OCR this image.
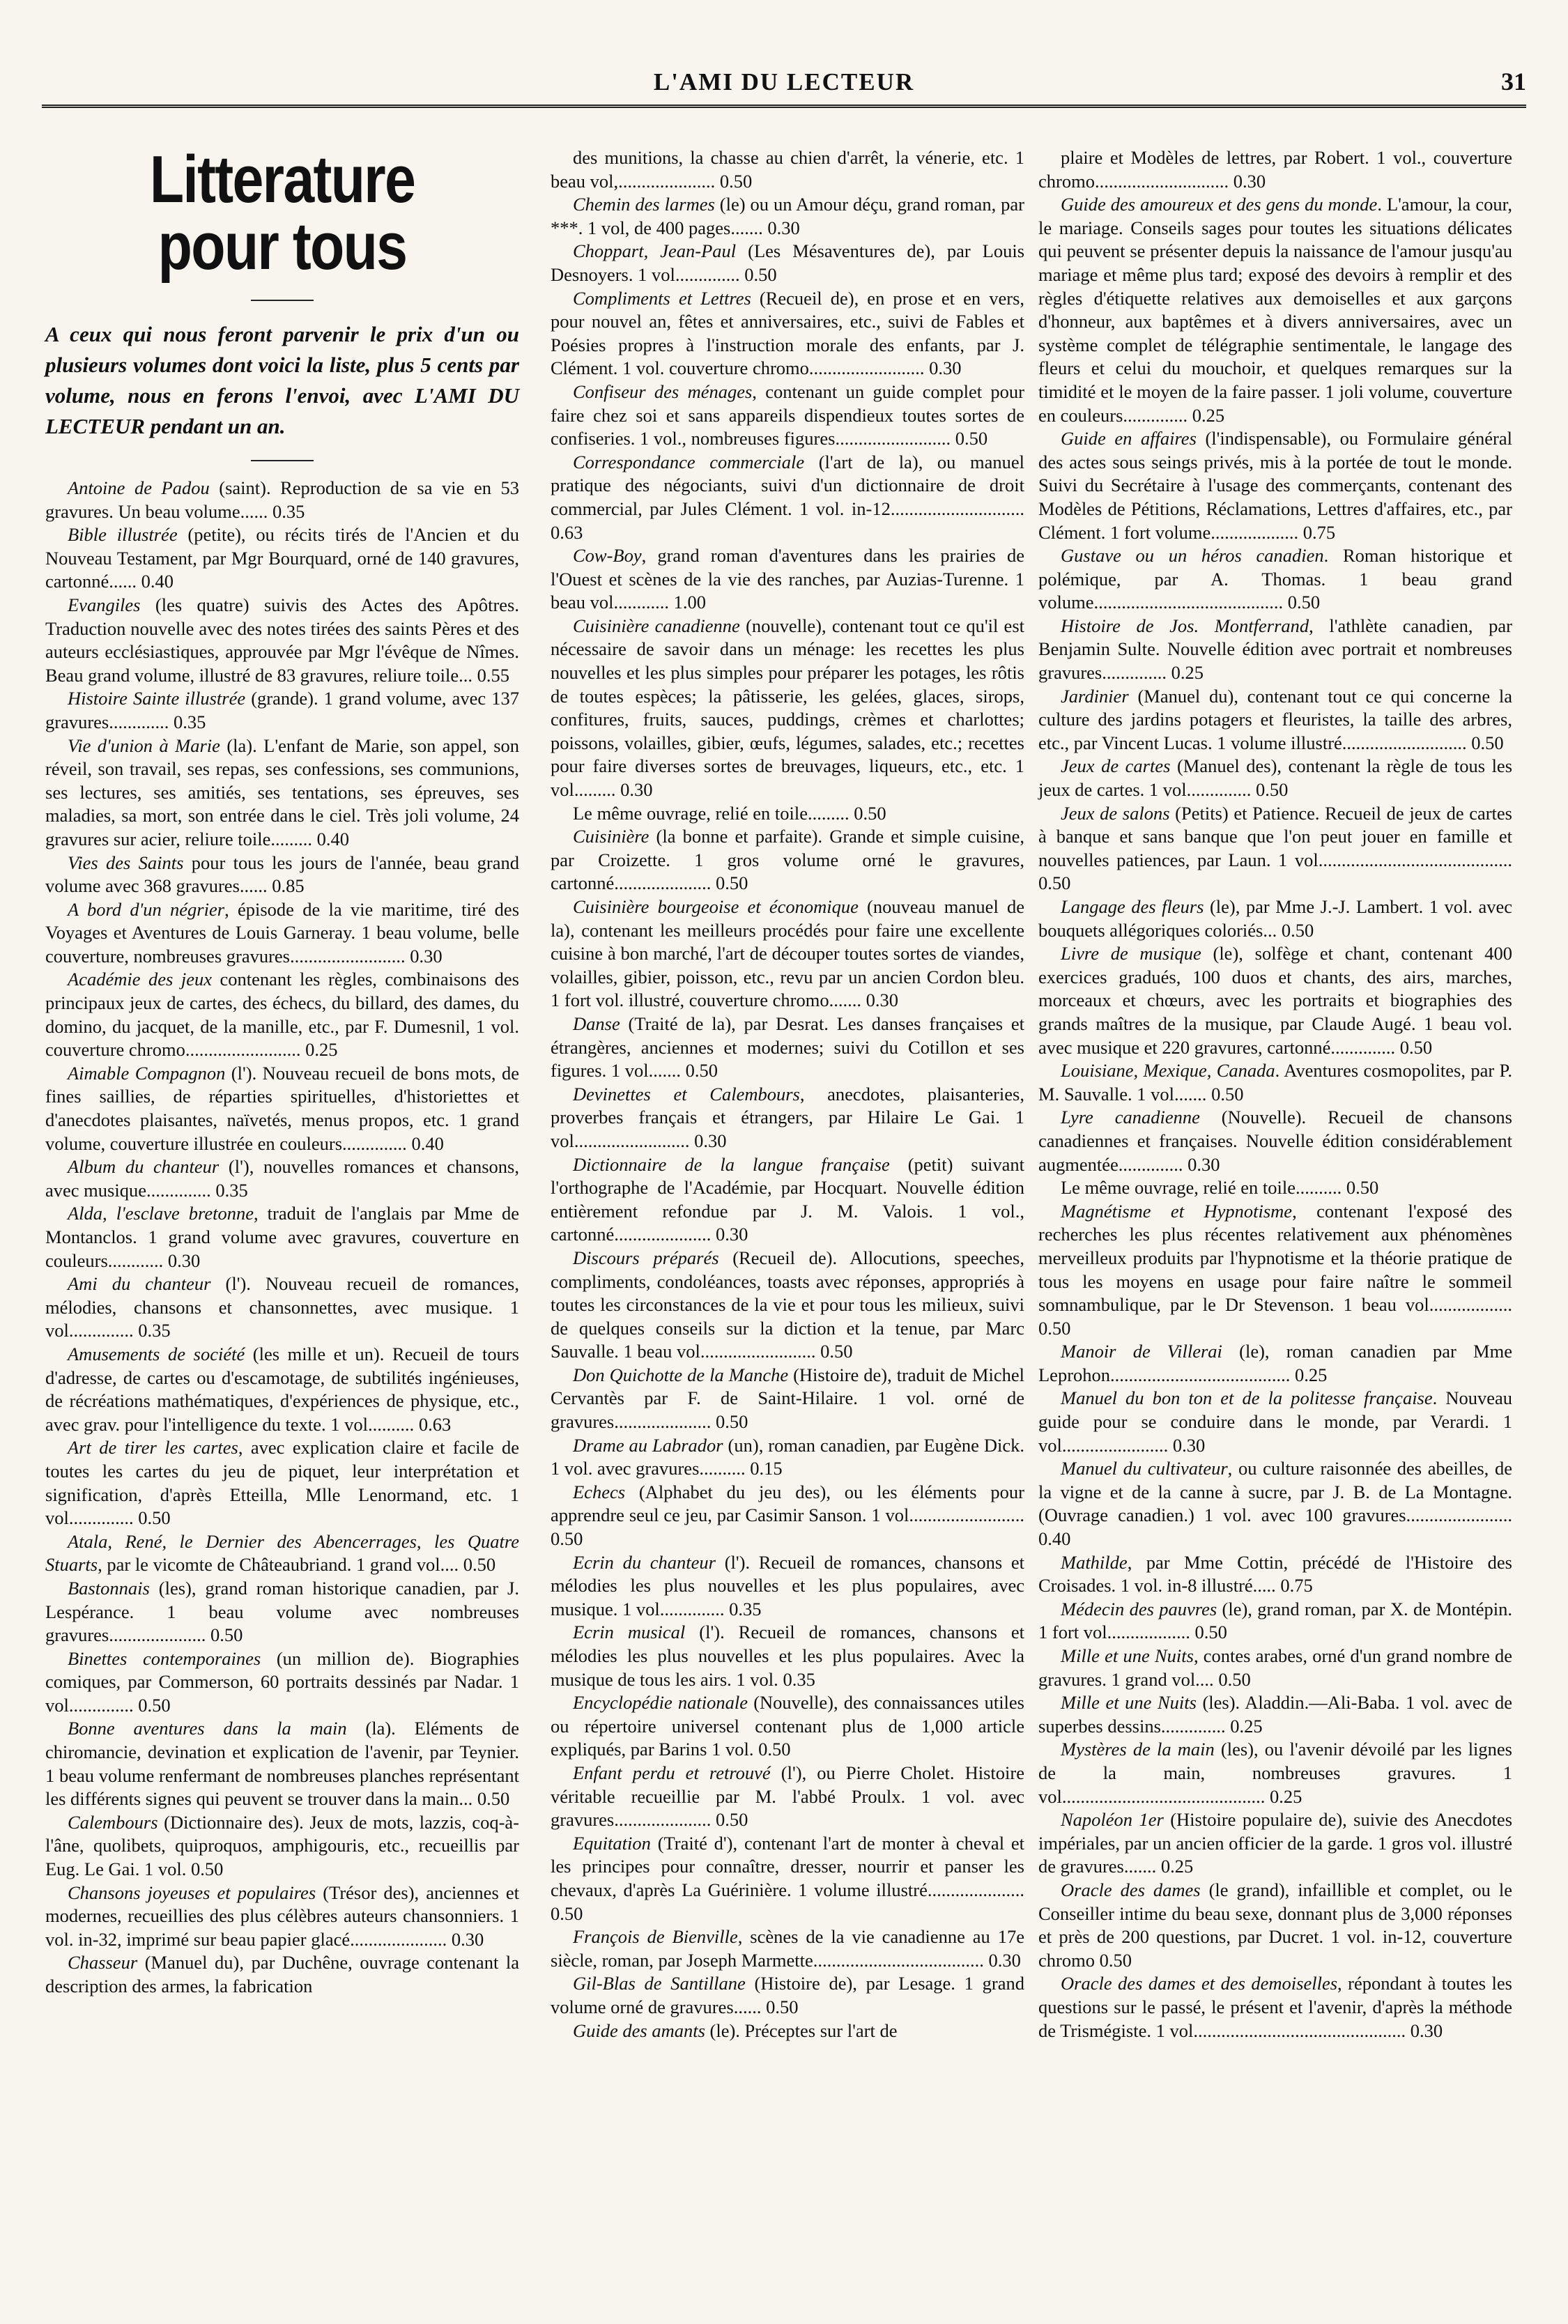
L'AMI DU LECTEUR	31
Litterature pour tous

A ceux qui nous feront parvenir le prix d'un ou plusieurs volumes dont voici la liste, plus 5 cents par volume, nous en ferons l'envoi, avec L'AMI DU LECTEUR pendant un an.

Antoine de Padou (saint). Reproduction de sa vie en 53 gravures. Un beau volume...... 0.35

Bible illustrée (petite), ou récits tirés de l'Ancien et du Nouveau Testament, par Mgr Bourquard, orné de 140 gravures, cartonné...... 0.40

Evangiles (les quatre) suivis des Actes des Apôtres. Traduction nouvelle avec des notes tirées des saints Pères et des auteurs ecclésiastiques, approuvée par Mgr l'évêque de Nîmes. Beau grand volume, illustré de 83 gravures, reliure toile... 0.55

Histoire Sainte illustrée (grande). 1 grand volume, avec 137 gravures............. 0.35

Vie d'union à Marie (la). L'enfant de Marie, son appel, son réveil, son travail, ses repas, ses confessions, ses communions, ses lectures, ses amitiés, ses tentations, ses épreuves, ses maladies, sa mort, son entrée dans le ciel. Très joli volume, 24 gravures sur acier, reliure toile......... 0.40

Vies des Saints pour tous les jours de l'année, beau grand volume avec 368 gravures...... 0.85

A bord d'un négrier, épisode de la vie maritime, tiré des Voyages et Aventures de Louis Garneray. 1 beau volume, belle couverture, nombreuses gravures......................... 0.30

Académie des jeux contenant les règles, combinaisons des principaux jeux de cartes, des échecs, du billard, des dames, du domino, du jacquet, de la manille, etc., par F. Dumesnil, 1 vol. couverture chromo......................... 0.25

Aimable Compagnon (l'). Nouveau recueil de bons mots, de fines saillies, de réparties spirituelles, d'historiettes et d'anecdotes plaisantes, naïvetés, menus propos, etc. 1 grand volume, couverture illustrée en couleurs.............. 0.40

Album du chanteur (l'), nouvelles romances et chansons, avec musique.............. 0.35

Alda, l'esclave bretonne, traduit de l'anglais par Mme de Montanclos. 1 grand volume avec gravures, couverture en couleurs............ 0.30

Ami du chanteur (l'). Nouveau recueil de romances, mélodies, chansons et chansonnettes, avec musique. 1 vol.............. 0.35

Amusements de société (les mille et un). Recueil de tours d'adresse, de cartes ou d'escamotage, de subtilités ingénieuses, de récréations mathématiques, d'expériences de physique, etc., avec grav. pour l'intelligence du texte. 1 vol.......... 0.63

Art de tirer les cartes, avec explication claire et facile de toutes les cartes du jeu de piquet, leur interprétation et signification, d'après Etteilla, Mlle Lenormand, etc. 1 vol.............. 0.50

Atala, René, le Dernier des Abencerrages, les Quatre Stuarts, par le vicomte de Châteaubriand. 1 grand vol.... 0.50

Bastonnais (les), grand roman historique canadien, par J. Lespérance. 1 beau volume avec nombreuses gravures..................... 0.50

Binettes contemporaines (un million de). Biographies comiques, par Commerson, 60 portraits dessinés par Nadar. 1 vol.............. 0.50

Bonne aventures dans la main (la). Eléments de chiromancie, devination et explication de l'avenir, par Teynier. 1 beau volume renfermant de nombreuses planches représentant les différents signes qui peuvent se trouver dans la main... 0.50

Calembours (Dictionnaire des). Jeux de mots, lazzis, coq-à-l'âne, quolibets, quiproquos, amphigouris, etc., recueillis par Eug. Le Gai. 1 vol. 0.50

Chansons joyeuses et populaires (Trésor des), anciennes et modernes, recueillies des plus célèbres auteurs chansonniers. 1 vol. in-32, imprimé sur beau papier glacé..................... 0.30

Chasseur (Manuel du), par Duchêne, ouvrage contenant la description des armes, la fabrication

des munitions, la chasse au chien d'arrêt, la vénerie, etc. 1 beau vol,..................... 0.50

Chemin des larmes (le) ou un Amour déçu, grand roman, par ***. 1 vol, de 400 pages....... 0.30

Choppart, Jean-Paul (Les Mésaventures de), par Louis Desnoyers. 1 vol.............. 0.50

Compliments et Lettres (Recueil de), en prose et en vers, pour nouvel an, fêtes et anniversaires, etc., suivi de Fables et Poésies propres à l'instruction morale des enfants, par J. Clément. 1 vol. couverture chromo......................... 0.30

Confiseur des ménages, contenant un guide complet pour faire chez soi et sans appareils dispendieux toutes sortes de confiseries. 1 vol., nombreuses figures......................... 0.50

Correspondance commerciale (l'art de la), ou manuel pratique des négociants, suivi d'un dictionnaire de droit commercial, par Jules Clément. 1 vol. in-12............................. 0.63

Cow-Boy, grand roman d'aventures dans les prairies de l'Ouest et scènes de la vie des ranches, par Auzias-Turenne. 1 beau vol............ 1.00

Cuisinière canadienne (nouvelle), contenant tout ce qu'il est nécessaire de savoir dans un ménage: les recettes les plus nouvelles et les plus simples pour préparer les potages, les rôtis de toutes espèces; la pâtisserie, les gelées, glaces, sirops, confitures, fruits, sauces, puddings, crèmes et charlottes; poissons, volailles, gibier, œufs, légumes, salades, etc.; recettes pour faire diverses sortes de breuvages, liqueurs, etc., etc. 1 vol......... 0.30

Le même ouvrage, relié en toile......... 0.50

Cuisinière (la bonne et parfaite). Grande et simple cuisine, par Croizette. 1 gros volume orné le gravures, cartonné..................... 0.50

Cuisinière bourgeoise et économique (nouveau manuel de la), contenant les meilleurs procédés pour faire une excellente cuisine à bon marché, l'art de découper toutes sortes de viandes, volailles, gibier, poisson, etc., revu par un ancien Cordon bleu. 1 fort vol. illustré, couverture chromo....... 0.30

Danse (Traité de la), par Desrat. Les danses françaises et étrangères, anciennes et modernes; suivi du Cotillon et ses figures. 1 vol....... 0.50

Devinettes et Calembours, anecdotes, plaisanteries, proverbes français et étrangers, par Hilaire Le Gai. 1 vol......................... 0.30

Dictionnaire de la langue française (petit) suivant l'orthographe de l'Académie, par Hocquart. Nouvelle édition entièrement refondue par J. M. Valois. 1 vol., cartonné..................... 0.30

Discours préparés (Recueil de). Allocutions, speeches, compliments, condoléances, toasts avec réponses, appropriés à toutes les circonstances de la vie et pour tous les milieux, suivi de quelques conseils sur la diction et la tenue, par Marc Sauvalle. 1 beau vol......................... 0.50

Don Quichotte de la Manche (Histoire de), traduit de Michel Cervantès par F. de Saint-Hilaire. 1 vol. orné de gravures..................... 0.50

Drame au Labrador (un), roman canadien, par Eugène Dick. 1 vol. avec gravures.......... 0.15

Echecs (Alphabet du jeu des), ou les éléments pour apprendre seul ce jeu, par Casimir Sanson. 1 vol......................... 0.50

Ecrin du chanteur (l'). Recueil de romances, chansons et mélodies les plus nouvelles et les plus populaires, avec musique. 1 vol.............. 0.35

Ecrin musical (l'). Recueil de romances, chansons et mélodies les plus nouvelles et les plus populaires. Avec la musique de tous les airs. 1 vol. 0.35

Encyclopédie nationale (Nouvelle), des connaissances utiles ou répertoire universel contenant plus de 1,000 article expliqués, par Barins 1 vol. 0.50

Enfant perdu et retrouvé (l'), ou Pierre Cholet. Histoire véritable recueillie par M. l'abbé Proulx. 1 vol. avec gravures..................... 0.50

Equitation (Traité d'), contenant l'art de monter à cheval et les principes pour connaître, dresser, nourrir et panser les chevaux, d'après La Guérinière. 1 volume illustré..................... 0.50

François de Bienville, scènes de la vie canadienne au 17e siècle, roman, par Joseph Marmette..................................... 0.30

Gil-Blas de Santillane (Histoire de), par Lesage. 1 grand volume orné de gravures...... 0.50

Guide des amants (le). Préceptes sur l'art de

plaire et Modèles de lettres, par Robert. 1 vol., couverture chromo............................. 0.30

Guide des amoureux et des gens du monde. L'amour, la cour, le mariage. Conseils sages pour toutes les situations délicates qui peuvent se présenter depuis la naissance de l'amour jusqu'au mariage et même plus tard; exposé des devoirs à remplir et des règles d'étiquette relatives aux demoiselles et aux garçons d'honneur, aux baptêmes et à divers anniversaires, avec un système complet de télégraphie sentimentale, le langage des fleurs et celui du mouchoir, et quelques remarques sur la timidité et le moyen de la faire passer. 1 joli volume, couverture en couleurs.............. 0.25

Guide en affaires (l'indispensable), ou Formulaire général des actes sous seings privés, mis à la portée de tout le monde. Suivi du Secrétaire à l'usage des commerçants, contenant des Modèles de Pétitions, Réclamations, Lettres d'affaires, etc., par Clément. 1 fort volume................... 0.75

Gustave ou un héros canadien. Roman historique et polémique, par A. Thomas. 1 beau grand volume......................................... 0.50

Histoire de Jos. Montferrand, l'athlète canadien, par Benjamin Sulte. Nouvelle édition avec portrait et nombreuses gravures.............. 0.25

Jardinier (Manuel du), contenant tout ce qui concerne la culture des jardins potagers et fleuristes, la taille des arbres, etc., par Vincent Lucas. 1 volume illustré........................... 0.50

Jeux de cartes (Manuel des), contenant la règle de tous les jeux de cartes. 1 vol.............. 0.50

Jeux de salons (Petits) et Patience. Recueil de jeux de cartes à banque et sans banque que l'on peut jouer en famille et nouvelles patiences, par Laun. 1 vol.......................................... 0.50

Langage des fleurs (le), par Mme J.-J. Lambert. 1 vol. avec bouquets allégoriques coloriés... 0.50

Livre de musique (le), solfège et chant, contenant 400 exercices gradués, 100 duos et chants, des airs, marches, morceaux et chœurs, avec les portraits et biographies des grands maîtres de la musique, par Claude Augé. 1 beau vol. avec musique et 220 gravures, cartonné.............. 0.50

Louisiane, Mexique, Canada. Aventures cosmopolites, par P. M. Sauvalle. 1 vol....... 0.50

Lyre canadienne (Nouvelle). Recueil de chansons canadiennes et françaises. Nouvelle édition considérablement augmentée.............. 0.30

Le même ouvrage, relié en toile.......... 0.50

Magnétisme et Hypnotisme, contenant l'exposé des recherches les plus récentes relativement aux phénomènes merveilleux produits par l'hypnotisme et la théorie pratique de tous les moyens en usage pour faire naître le sommeil somnambulique, par le Dr Stevenson. 1 beau vol.................. 0.50

Manoir de Villerai (le), roman canadien par Mme Leprohon....................................... 0.25

Manuel du bon ton et de la politesse française. Nouveau guide pour se conduire dans le monde, par Verardi. 1 vol....................... 0.30

Manuel du cultivateur, ou culture raisonnée des abeilles, de la vigne et de la canne à sucre, par J. B. de La Montagne. (Ouvrage canadien.) 1 vol. avec 100 gravures....................... 0.40

Mathilde, par Mme Cottin, précédé de l'Histoire des Croisades. 1 vol. in-8 illustré..... 0.75

Médecin des pauvres (le), grand roman, par X. de Montépin. 1 fort vol.................. 0.50

Mille et une Nuits, contes arabes, orné d'un grand nombre de gravures. 1 grand vol.... 0.50

Mille et une Nuits (les). Aladdin.—Ali-Baba. 1 vol. avec de superbes dessins.............. 0.25

Mystères de la main (les), ou l'avenir dévoilé par les lignes de la main, nombreuses gravures. 1 vol............................................ 0.25

Napoléon 1er (Histoire populaire de), suivie des Anecdotes impériales, par un ancien officier de la garde. 1 gros vol. illustré de gravures....... 0.25

Oracle des dames (le grand), infaillible et complet, ou le Conseiller intime du beau sexe, donnant plus de 3,000 réponses et près de 200 questions, par Ducret. 1 vol. in-12, couverture chromo 0.50

Oracle des dames et des demoiselles, répondant à toutes les questions sur le passé, le présent et l'avenir, d'après la méthode de Trismégiste. 1 vol.............................................. 0.30
